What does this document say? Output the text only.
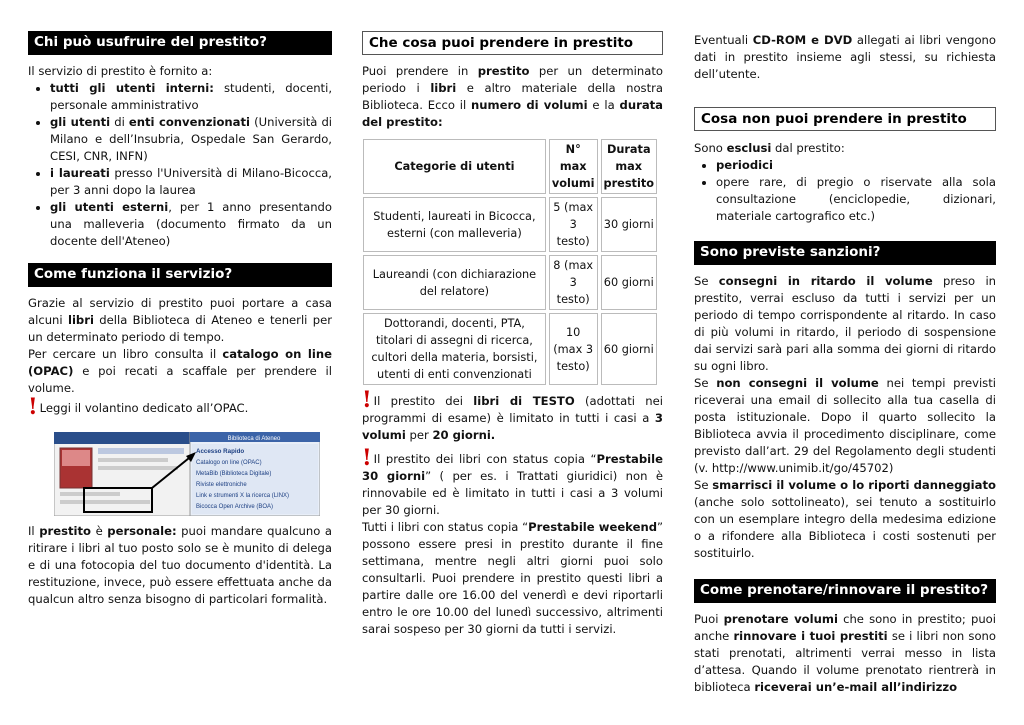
Chi può usufruire del prestito?

Il servizio di prestito è fornito a:

• tutti gli utenti interni: studenti, docenti, personale amministrativo
• gli utenti di enti convenzionati (Università di Milano e dell’Insubria, Ospedale San Gerardo, CESI, CNR, INFN)
• i laureati presso l'Università di Milano-Bicocca, per 3 anni dopo la laurea
• gli utenti esterni, per 1 anno presentando una malleveria (documento firmato da un docente dell'Ateneo)
Come funziona il servizio?

Grazie al servizio di prestito puoi portare a casa alcuni libri della Biblioteca di Ateneo e tenerli per un determinato periodo di tempo.

Per cercare un libro consulta il catalogo on line (OPAC) e poi recati a scaffale per prendere il volume.

! Leggi il volantino dedicato all’OPAC.

Biblioteca di Ateneo
Accesso Rapido
Catalogo on line (OPAC)
MetaBib (Biblioteca Digitale)
Riviste elettroniche
Link e strumenti X la ricerca (LINX)
Bicocca Open Archive (BOA)

Il prestito è personale: puoi mandare qualcuno a ritirare i libri al tuo posto solo se è munito di delega e di una fotocopia del tuo documento d'identità. La restituzione, invece, può essere effettuata anche da qualcun altro senza bisogno di particolari formalità.

Che cosa puoi prendere in prestito

Puoi prendere in prestito per un determinato periodo i libri e altro materiale della nostra Biblioteca. Ecco il numero di volumi e la durata del prestito:

Categorie di utenti	N° max volumi	Durata max prestito
Studenti, laureati in Bicocca, esterni (con malleveria)	5 (max 3 testo)	30 giorni
Laureandi (con dichiarazione del relatore)	8 (max 3 testo)	60 giorni
Dottorandi, docenti, PTA, titolari di assegni di ricerca, cultori della materia, borsisti, utenti di enti convenzionati	10 (max 3 testo)	60 giorni

! Il prestito dei libri di TESTO (adottati nei programmi di esame) è limitato in tutti i casi a 3 volumi per 20 giorni.

! Il prestito dei libri con status copia “Prestabile 30 giorni” ( per es. i Trattati giuridici) non è rinnovabile ed è limitato in tutti i casi a 3 volumi per 30 giorni.

Tutti i libri con status copia “Prestabile weekend” possono essere presi in prestito durante il fine settimana, mentre negli altri giorni puoi solo consultarli. Puoi prendere in prestito questi libri a partire dalle ore 16.00 del venerdì e devi riportarli entro le ore 10.00 del lunedì successivo, altrimenti sarai sospeso per 30 giorni da tutti i servizi.

Eventuali CD-ROM e DVD allegati ai libri vengono dati in prestito insieme agli stessi, su richiesta dell’utente.

Cosa non puoi prendere in prestito

Sono esclusi dal prestito:

• periodici
• opere rare, di pregio o riservate alla sola consultazione (enciclopedie, dizionari, materiale cartografico etc.)
Sono previste sanzioni?

Se consegni in ritardo il volume preso in prestito, verrai escluso da tutti i servizi per un periodo di tempo corrispondente al ritardo. In caso di più volumi in ritardo, il periodo di sospensione dai servizi sarà pari alla somma dei giorni di ritardo su ogni libro.

Se non consegni il volume nei tempi previsti riceverai una email di sollecito alla tua casella di posta istituzionale. Dopo il quarto sollecito la Biblioteca avvia il procedimento disciplinare, come previsto dall’art. 29 del Regolamento degli studenti (v. http://www.unimib.it/go/45702)

Se smarrisci il volume o lo riporti danneggiato (anche solo sottolineato), sei tenuto a sostituirlo con un esemplare integro della medesima edizione o a rifondere alla Biblioteca i costi sostenuti per sostituirlo.

Come prenotare/rinnovare il prestito?

Puoi prenotare volumi che sono in prestito; puoi anche rinnovare i tuoi prestiti se i libri non sono stati prenotati, altrimenti verrai messo in lista d’attesa. Quando il volume prenotato rientrerà in biblioteca riceverai un’e-mail all’indirizzo
